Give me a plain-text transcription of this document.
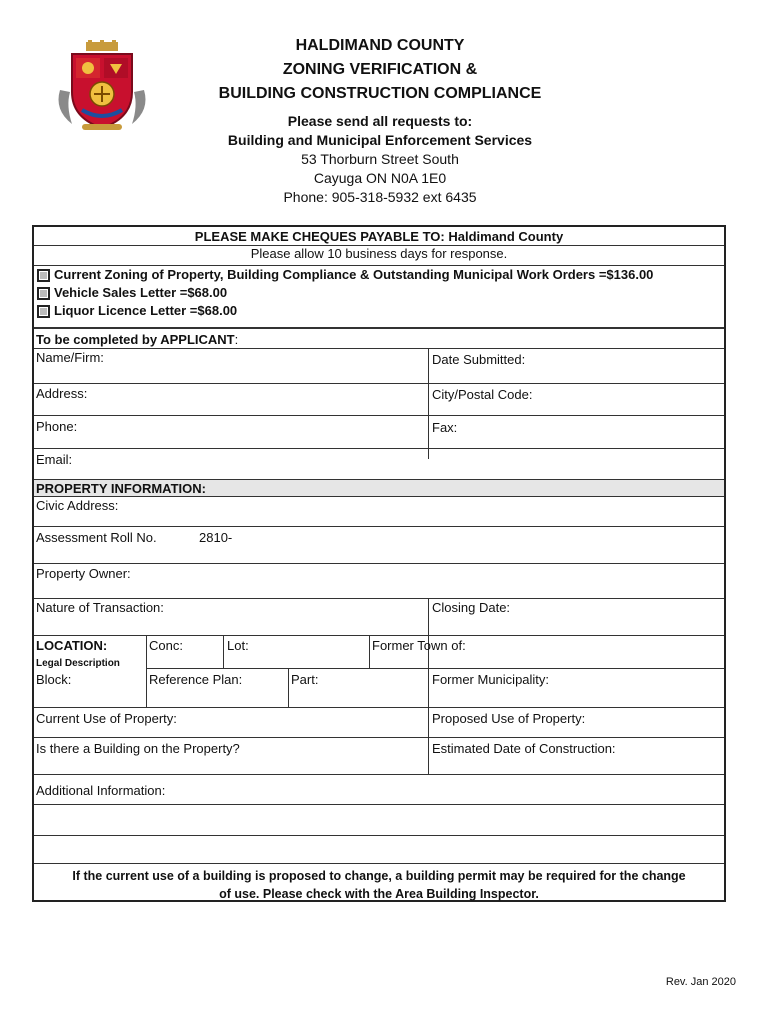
HALDIMAND COUNTY
ZONING VERIFICATION &
BUILDING CONSTRUCTION COMPLIANCE
Please send all requests to:
Building and Municipal Enforcement Services
53 Thorburn Street South
Cayuga ON N0A 1E0
Phone: 905-318-5932 ext 6435
PLEASE MAKE CHEQUES PAYABLE TO: Haldimand County
Please allow 10 business days for response.
Current Zoning of Property, Building Compliance & Outstanding Municipal Work Orders =$136.00
Vehicle Sales Letter =$68.00
Liquor Licence Letter =$68.00
To be completed by APPLICANT:
Name/Firm:	Date Submitted:
Address:	City/Postal Code:
Phone:	Fax:
Email:
PROPERTY INFORMATION:
Civic Address:
Assessment Roll No.	2810-
Property Owner:
Nature of Transaction:	Closing Date:
LOCATION:
Legal Description
Conc:	Lot:	Former Town of:
Block:	Reference Plan:	Part:	Former Municipality:
Current Use of Property:	Proposed Use of Property:
Is there a Building on the Property?	Estimated Date of Construction:
Additional Information:
If the current use of a building is proposed to change, a building permit may be required for the change
of use. Please check with the Area Building Inspector.
Rev. Jan 2020
